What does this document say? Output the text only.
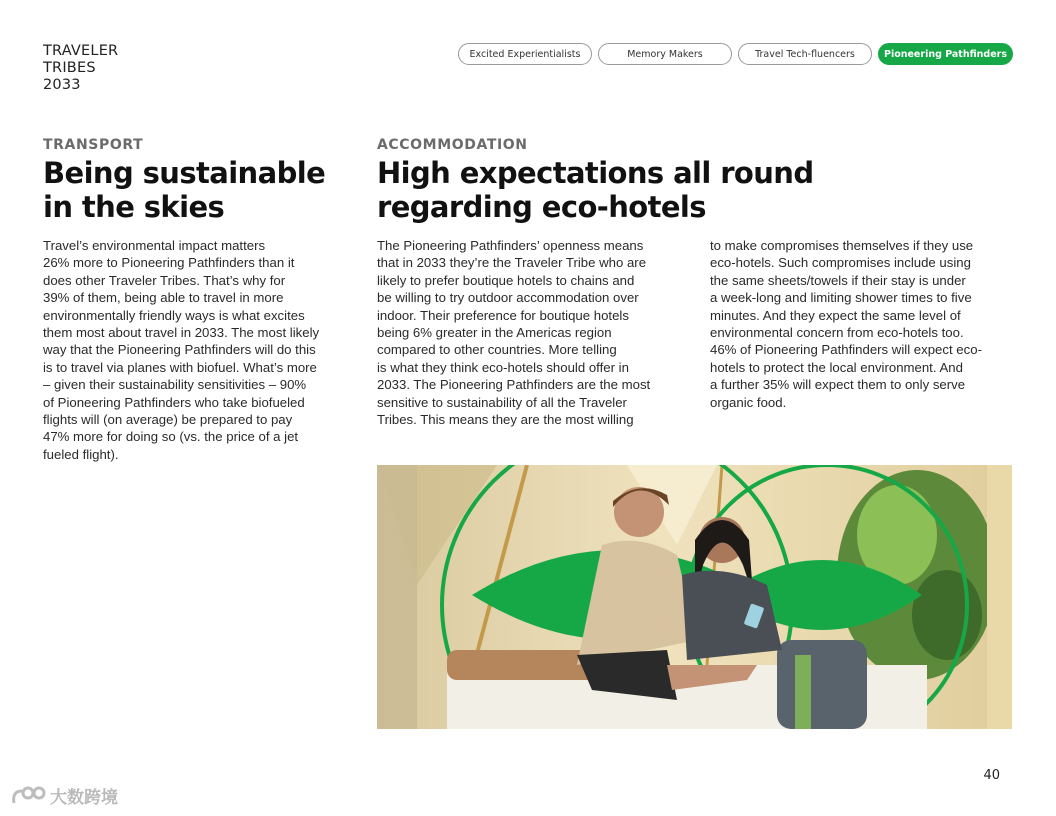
TRAVELER
TRIBES
2033
Excited Experientialists	Memory Makers	Travel Tech-fluencers	Pioneering Pathfinders
TRANSPORT
Being sustainable
in the skies
Travel’s environmental impact matters
26% more to Pioneering Pathfinders than it
does other Traveler Tribes. That’s why for
39% of them, being able to travel in more
environmentally friendly ways is what excites
them most about travel in 2033. The most likely
way that the Pioneering Pathfinders will do this
is to travel via planes with biofuel. What’s more
– given their sustainability sensitivities – 90%
of Pioneering Pathfinders who take biofueled
flights will (on average) be prepared to pay
47% more for doing so (vs. the price of a jet
fueled flight).
ACCOMMODATION
High expectations all round
regarding eco-hotels
The Pioneering Pathfinders’ openness means
that in 2033 they’re the Traveler Tribe who are
likely to prefer boutique hotels to chains and
be willing to try outdoor accommodation over
indoor. Their preference for boutique hotels
being 6% greater in the Americas region
compared to other countries. More telling
is what they think eco-hotels should offer in
2033. The Pioneering Pathfinders are the most
sensitive to sustainability of all the Traveler
Tribes. This means they are the most willing
to make compromises themselves if they use
eco-hotels. Such compromises include using
the same sheets/towels if their stay is under
a week-long and limiting shower times to five
minutes. And they expect the same level of
environmental concern from eco-hotels too.
46% of Pioneering Pathfinders will expect eco-
hotels to protect the local environment. And
a further 35% will expect them to only serve
organic food.
40
大数跨境
